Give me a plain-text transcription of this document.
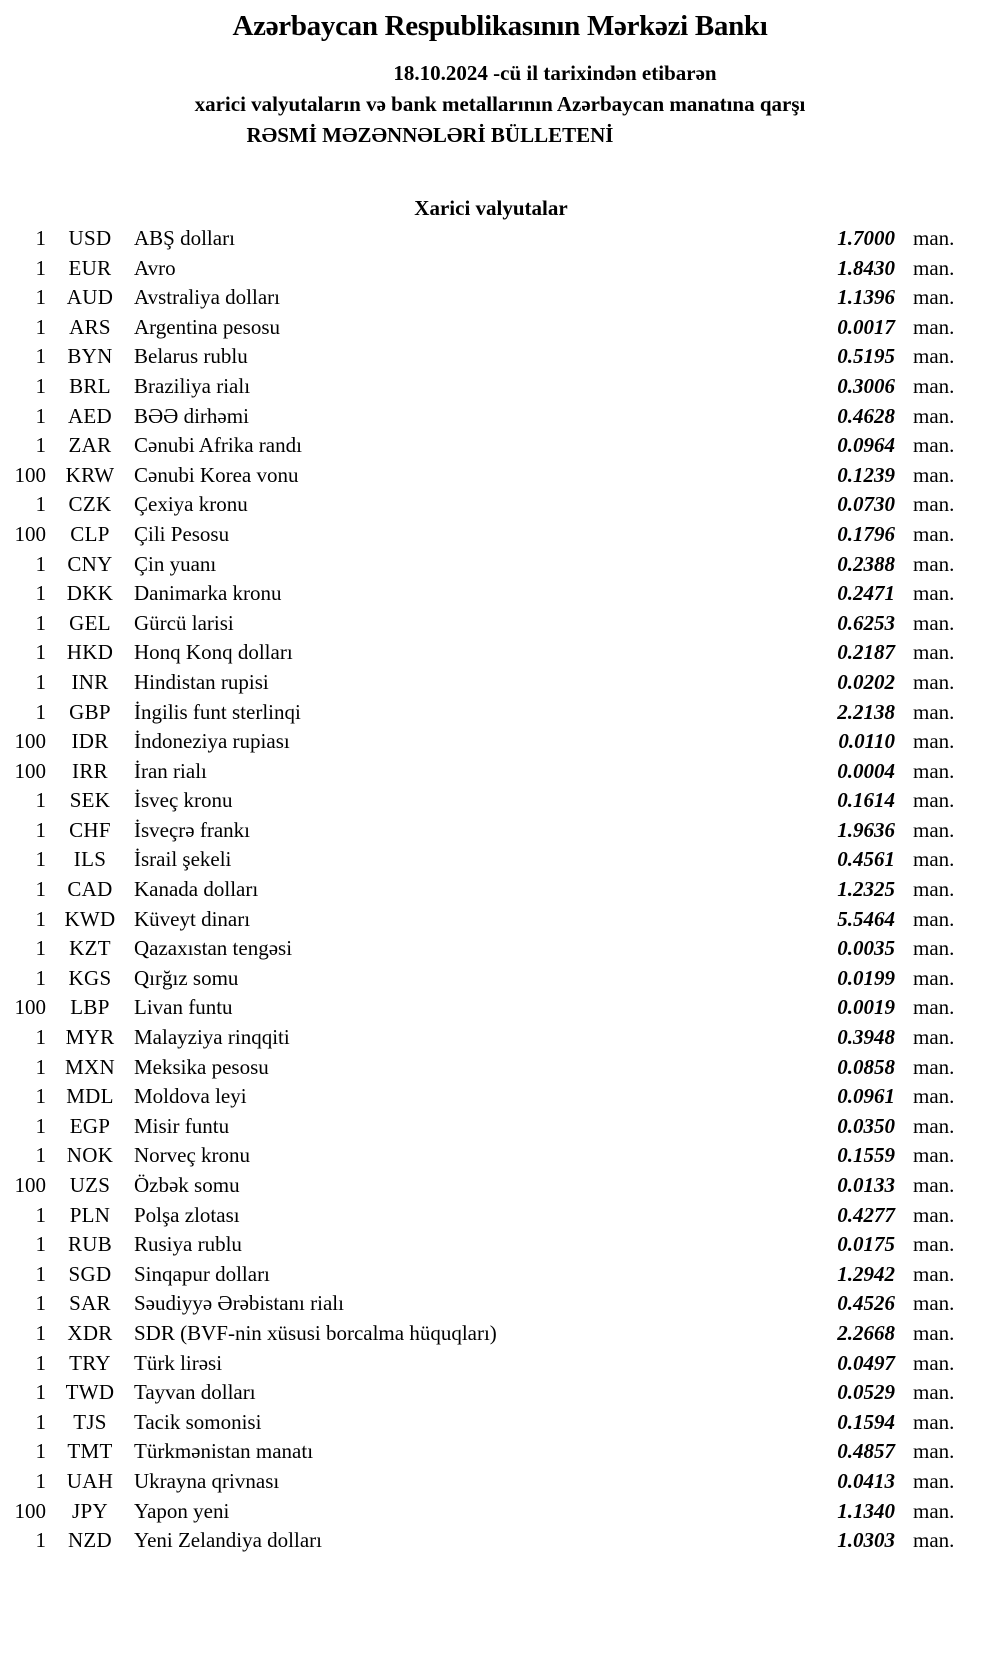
Azərbaycan Respublikasının Mərkəzi Bankı
18.10.2024 -cü il tarixindən etibarən
xarici valyutaların və bank metallarının Azərbaycan manatına qarşı
RƏSMİ MƏZƏNNƏLƏRİ BÜLLETENİ
Xarici valyutalar
1	USD	ABŞ dolları	1.7000 man.
1	EUR	Avro	1.8430 man.
1 AUD Avstraliya dolları	1.1396 man.
1	ARS	Argentina pesosu	0.0017 man.
1	BYN	Belarus rublu	0.5195 man.
1	BRL	Braziliya rialı	0.3006 man.
1	AED	BƏƏ dirhəmi	0.4628 man.
1	ZAR	Cənubi Afrika randı	0.0964 man.
100 KRW Cənubi Korea vonu	0.1239 man.
1	CZK	Çexiya kronu	0.0730 man.
100	CLP	Çili Pesosu	0.1796 man.
1	CNY	Çin yuanı	0.2388 man.
1 DKK Danimarka kronu	0.2471 man.
1	GEL	Gürcü larisi	0.6253 man.
1 HKD Honq Konq dolları	0.2187 man.
1	INR	Hindistan rupisi	0.0202 man.
1	GBP	İngilis funt sterlinqi	2.2138 man.
100	IDR	İndoneziya rupiası	0.0110 man.
100	IRR	İran rialı	0.0004 man.
1	SEK	İsveç kronu	0.1614 man.
1	CHF	İsveçrə frankı	1.9636 man.
1	ILS	İsrail şekeli	0.4561 man.
1	CAD	Kanada dolları	1.2325 man.
1 KWD Küveyt dinarı	5.5464 man.
1	KZT	Qazaxıstan tengəsi	0.0035 man.
1	KGS	Qırğız somu	0.0199 man.
100	LBP	Livan funtu	0.0019 man.
1 MYR Malayziya rinqqiti	0.3948 man.
1 MXN Meksika pesosu	0.0858 man.
1 MDL Moldova leyi	0.0961 man.
1	EGP	Misir funtu	0.0350 man.
1 NOK Norveç kronu	0.1559 man.
100	UZS	Özbək somu	0.0133 man.
1	PLN	Polşa zlotası	0.4277 man.
1	RUB	Rusiya rublu	0.0175 man.
1	SGD	Sinqapur dolları	1.2942 man.
1	SAR	Səudiyyə Ərəbistanı rialı	0.4526 man.
1	XDR	SDR (BVF-nin xüsusi borcalma hüquqları)	2.2668 man.
1	TRY	Türk lirəsi	0.0497 man.
1 TWD Tayvan dolları	0.0529 man.
1	TJS	Tacik somonisi	0.1594 man.
1	TMT	Türkmənistan manatı	0.4857 man.
1 UAH Ukrayna qrivnası	0.0413 man.
100	JPY	Yapon yeni	1.1340 man.
1	NZD	Yeni Zelandiya dolları	1.0303 man.
